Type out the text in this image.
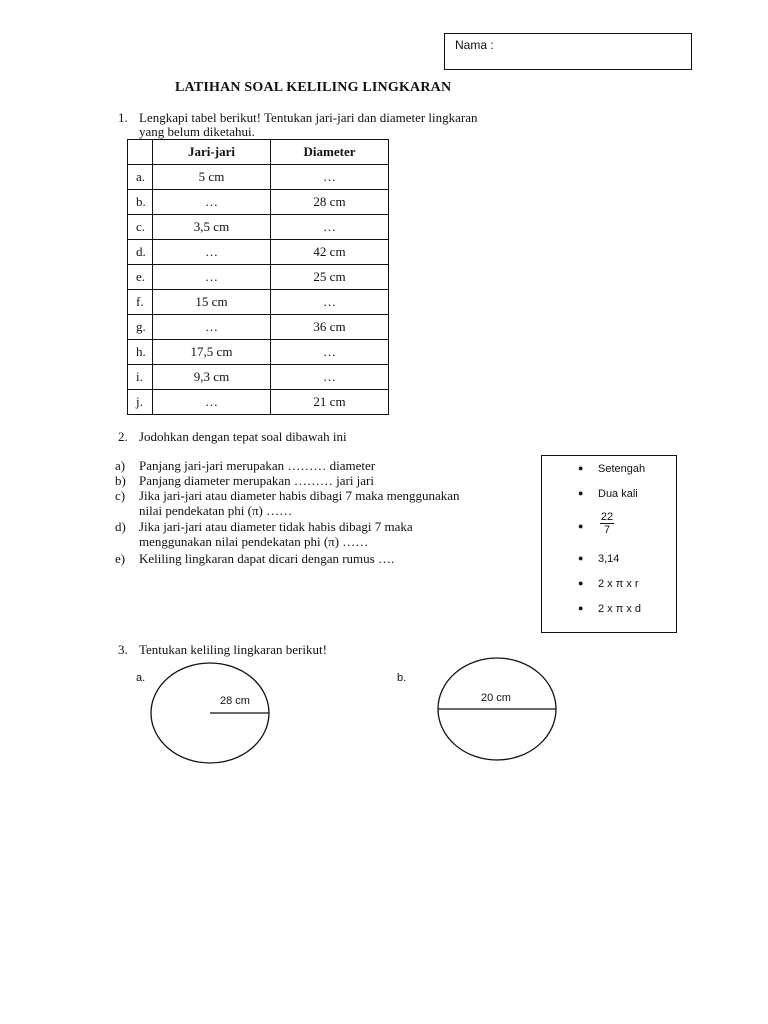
Nama :
LATIHAN SOAL KELILING LINGKARAN
1. Lengkapi tabel berikut! Tentukan jari-jari dan diameter lingkaran
yang belum diketahui.
	Jari-jari	Diameter
a.	5 cm	…
b.	…	28 cm
c.	3,5 cm	…
d.	…	42 cm
e.	…	25 cm
f.	15 cm	…
g.	…	36 cm
h.	17,5 cm	…
i.	9,3 cm	…
j.	…	21 cm
2. Jodohkan dengan tepat soal dibawah ini
a) Panjang jari-jari merupakan ……… diameter
b) Panjang diameter merupakan ……… jari jari
c) Jika jari-jari atau diameter habis dibagi 7 maka menggunakan
nilai pendekatan phi (π) ……
d) Jika jari-jari atau diameter tidak habis dibagi 7 maka
menggunakan nilai pendekatan phi (π) ……
e) Keliling lingkaran dapat dicari dengan rumus ….
● Setengah
● Dua kali
● $\frac{22}{7}$
● 3,14
● 2 x π x r
● 2 x π x d
3. Tentukan keliling lingkaran berikut!
a.
28 cm
b.
20 cm
